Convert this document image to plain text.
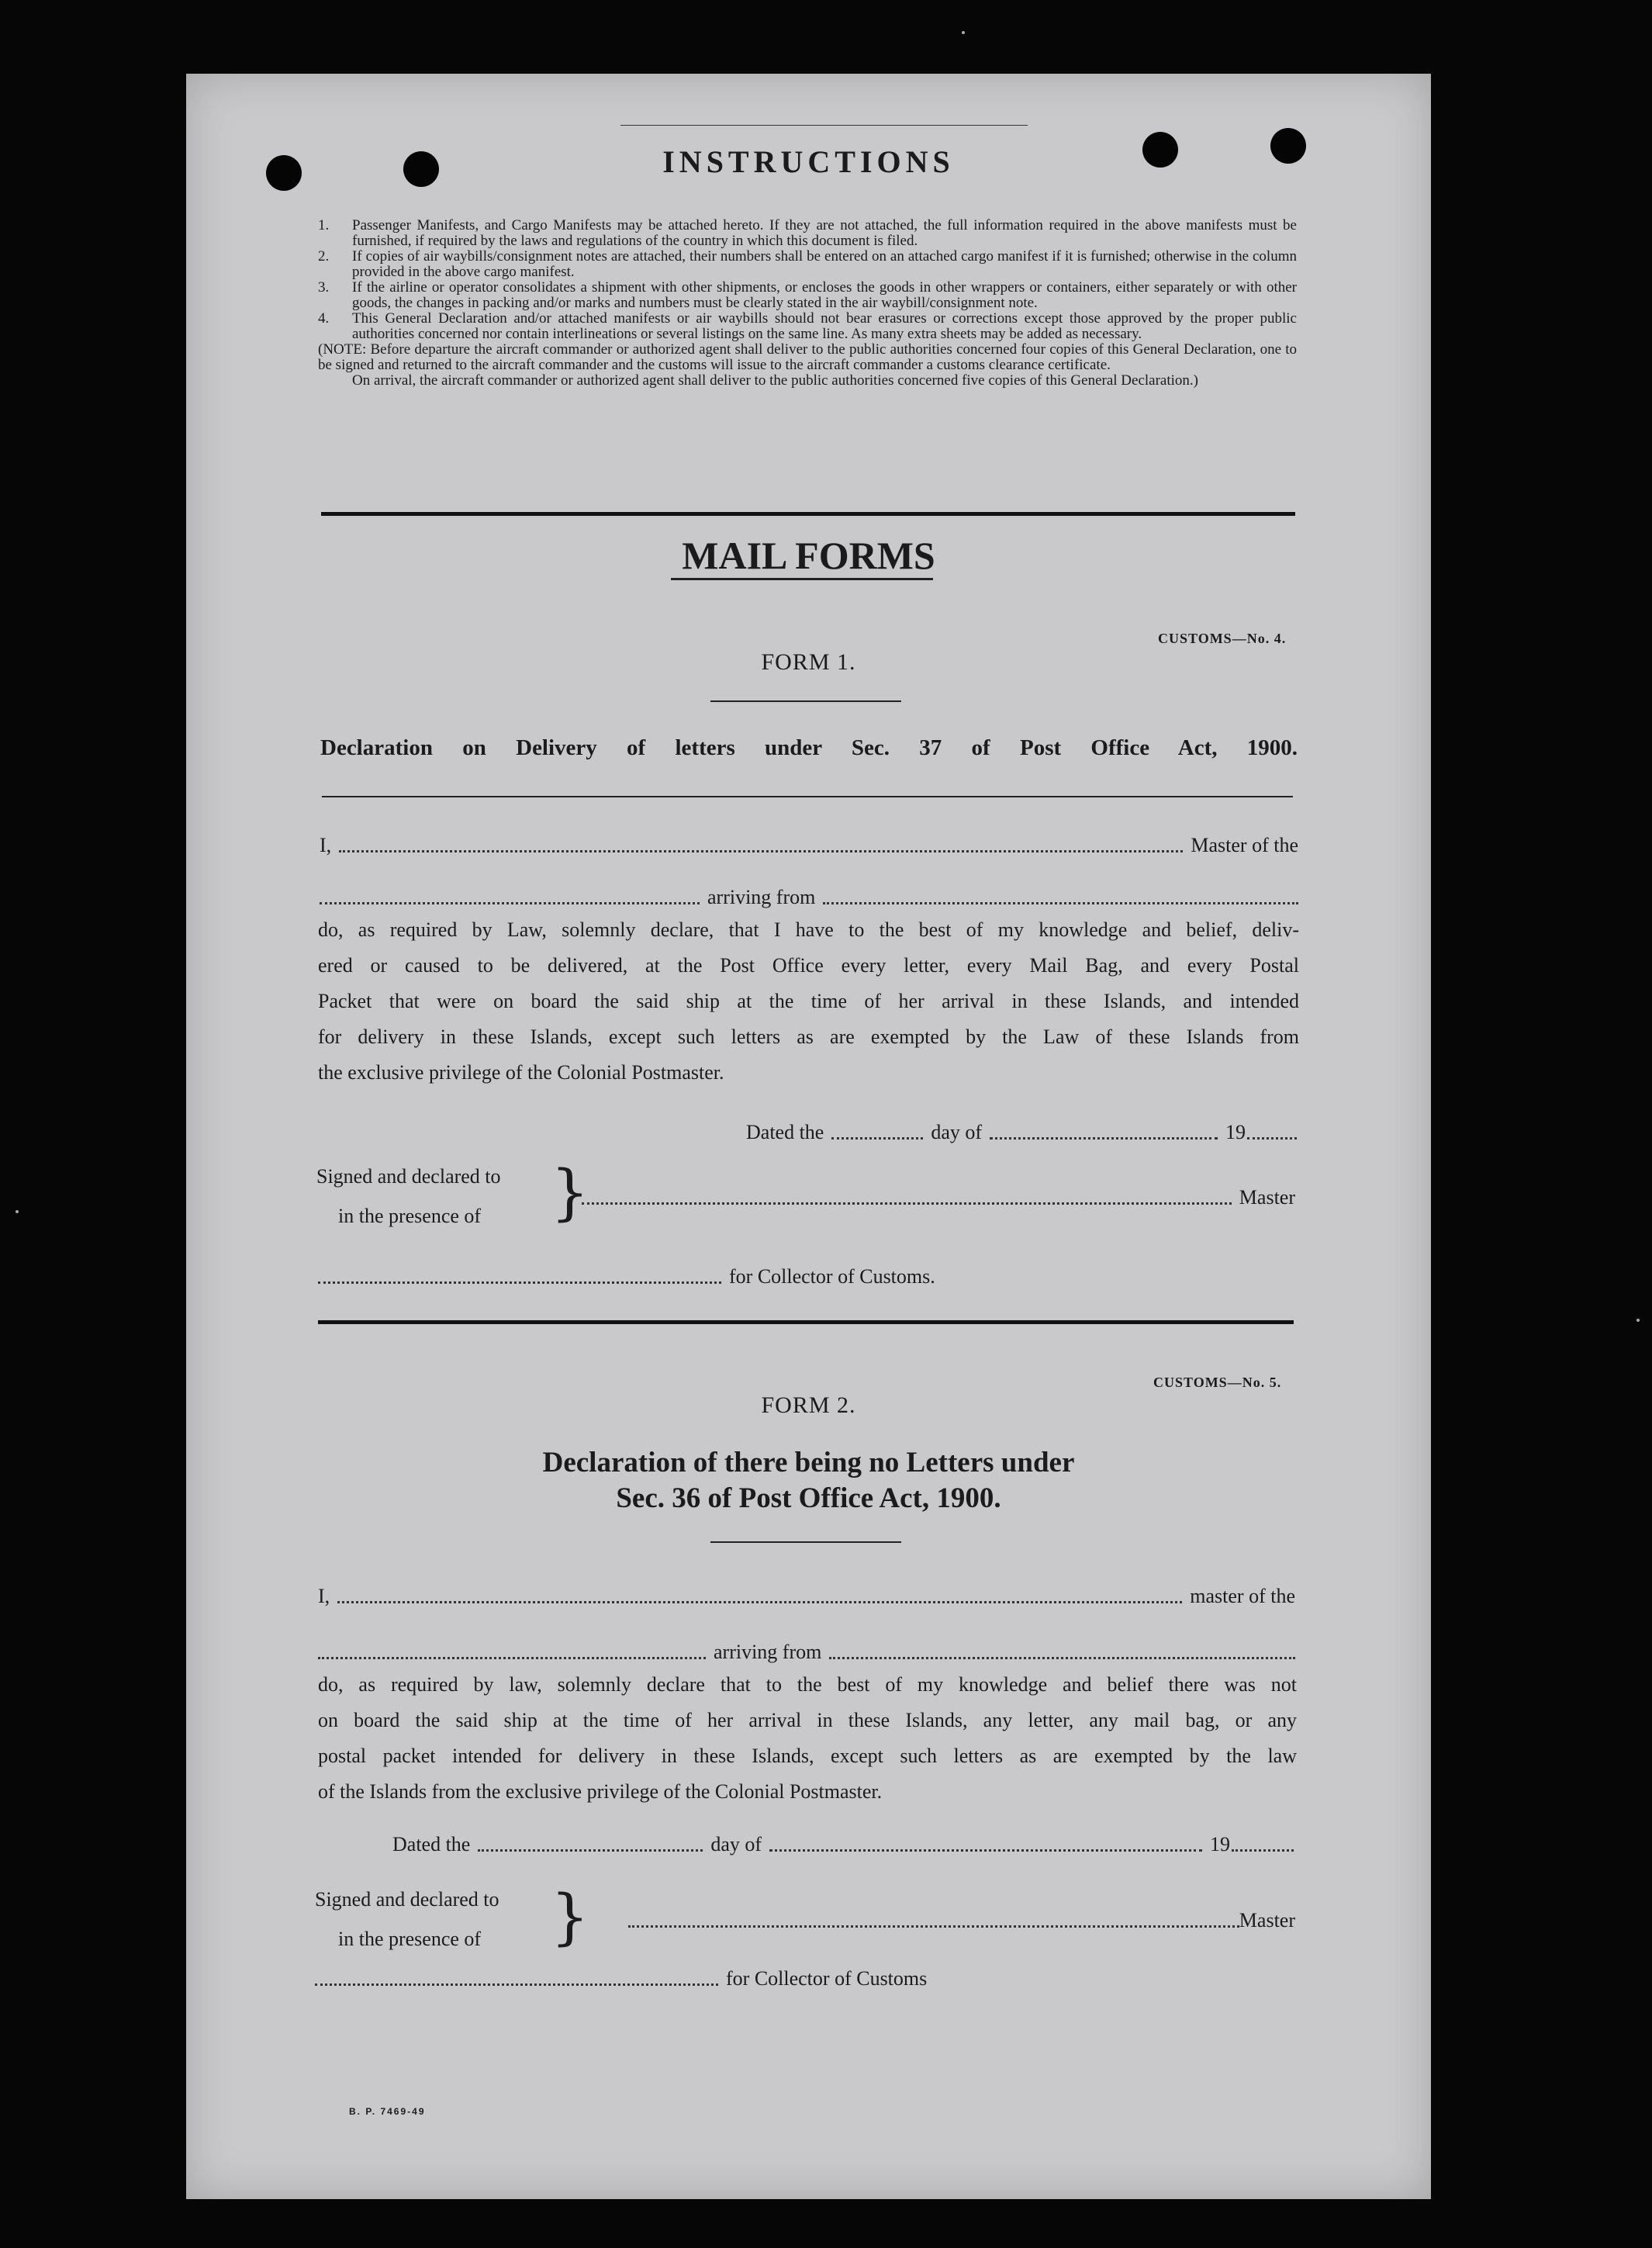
INSTRUCTIONS
1.	Passenger Manifests, and Cargo Manifests may be attached hereto. If they are not attached, the full information required in the above manifests must be furnished, if required by the laws and regulations of the country in which this document is filed.
2.	If copies of air waybills/consignment notes are attached, their numbers shall be entered on an attached cargo manifest if it is furnished; otherwise in the column provided in the above cargo manifest.
3.	If the airline or operator consolidates a shipment with other shipments, or encloses the goods in other wrappers or containers, either separately or with other goods, the changes in packing and/or marks and numbers must be clearly stated in the air waybill/consignment note.
4.	This General Declaration and/or attached manifests or air waybills should not bear erasures or corrections except those approved by the proper public authorities concerned nor contain interlineations or several listings on the same line. As many extra sheets may be added as necessary.
(NOTE: Before departure the aircraft commander or authorized agent shall deliver to the public authorities concerned four copies of this General Declaration, one to be signed and returned to the aircraft commander and the customs will issue to the aircraft commander a customs clearance certificate.
On arrival, the aircraft commander or authorized agent shall deliver to the public authorities concerned five copies of this General Declaration.)
MAIL FORMS
CUSTOMS—No. 4.
FORM 1.
Declaration on Delivery of letters under Sec. 37 of Post Office Act, 1900.
I,	Master of the
arriving from
do, as required by Law, solemnly declare, that I have to the best of my knowledge and belief, deliv-
ered or caused to be delivered, at the Post Office every letter, every Mail Bag, and every Postal
Packet that were on board the said ship at the time of her arrival in these Islands, and intended
for delivery in these Islands, except such letters as are exempted by the Law of these Islands from
the exclusive privilege of the Colonial Postmaster.
Dated the	day of	19
Signed and declared to
in the presence of }	Master
for Collector of Customs.
CUSTOMS—No. 5.
FORM 2.
Declaration of there being no Letters under
Sec. 36 of Post Office Act, 1900.
I,	master of the
arriving from
do, as required by law, solemnly declare that to the best of my knowledge and belief there was not
on board the said ship at the time of her arrival in these Islands, any letter, any mail bag, or any
postal packet intended for delivery in these Islands, except such letters as are exempted by the law
of the Islands from the exclusive privilege of the Colonial Postmaster.
Dated the	day of	19
Signed and declared to
in the presence of }	Master
for Collector of Customs
B. P. 7469-49
